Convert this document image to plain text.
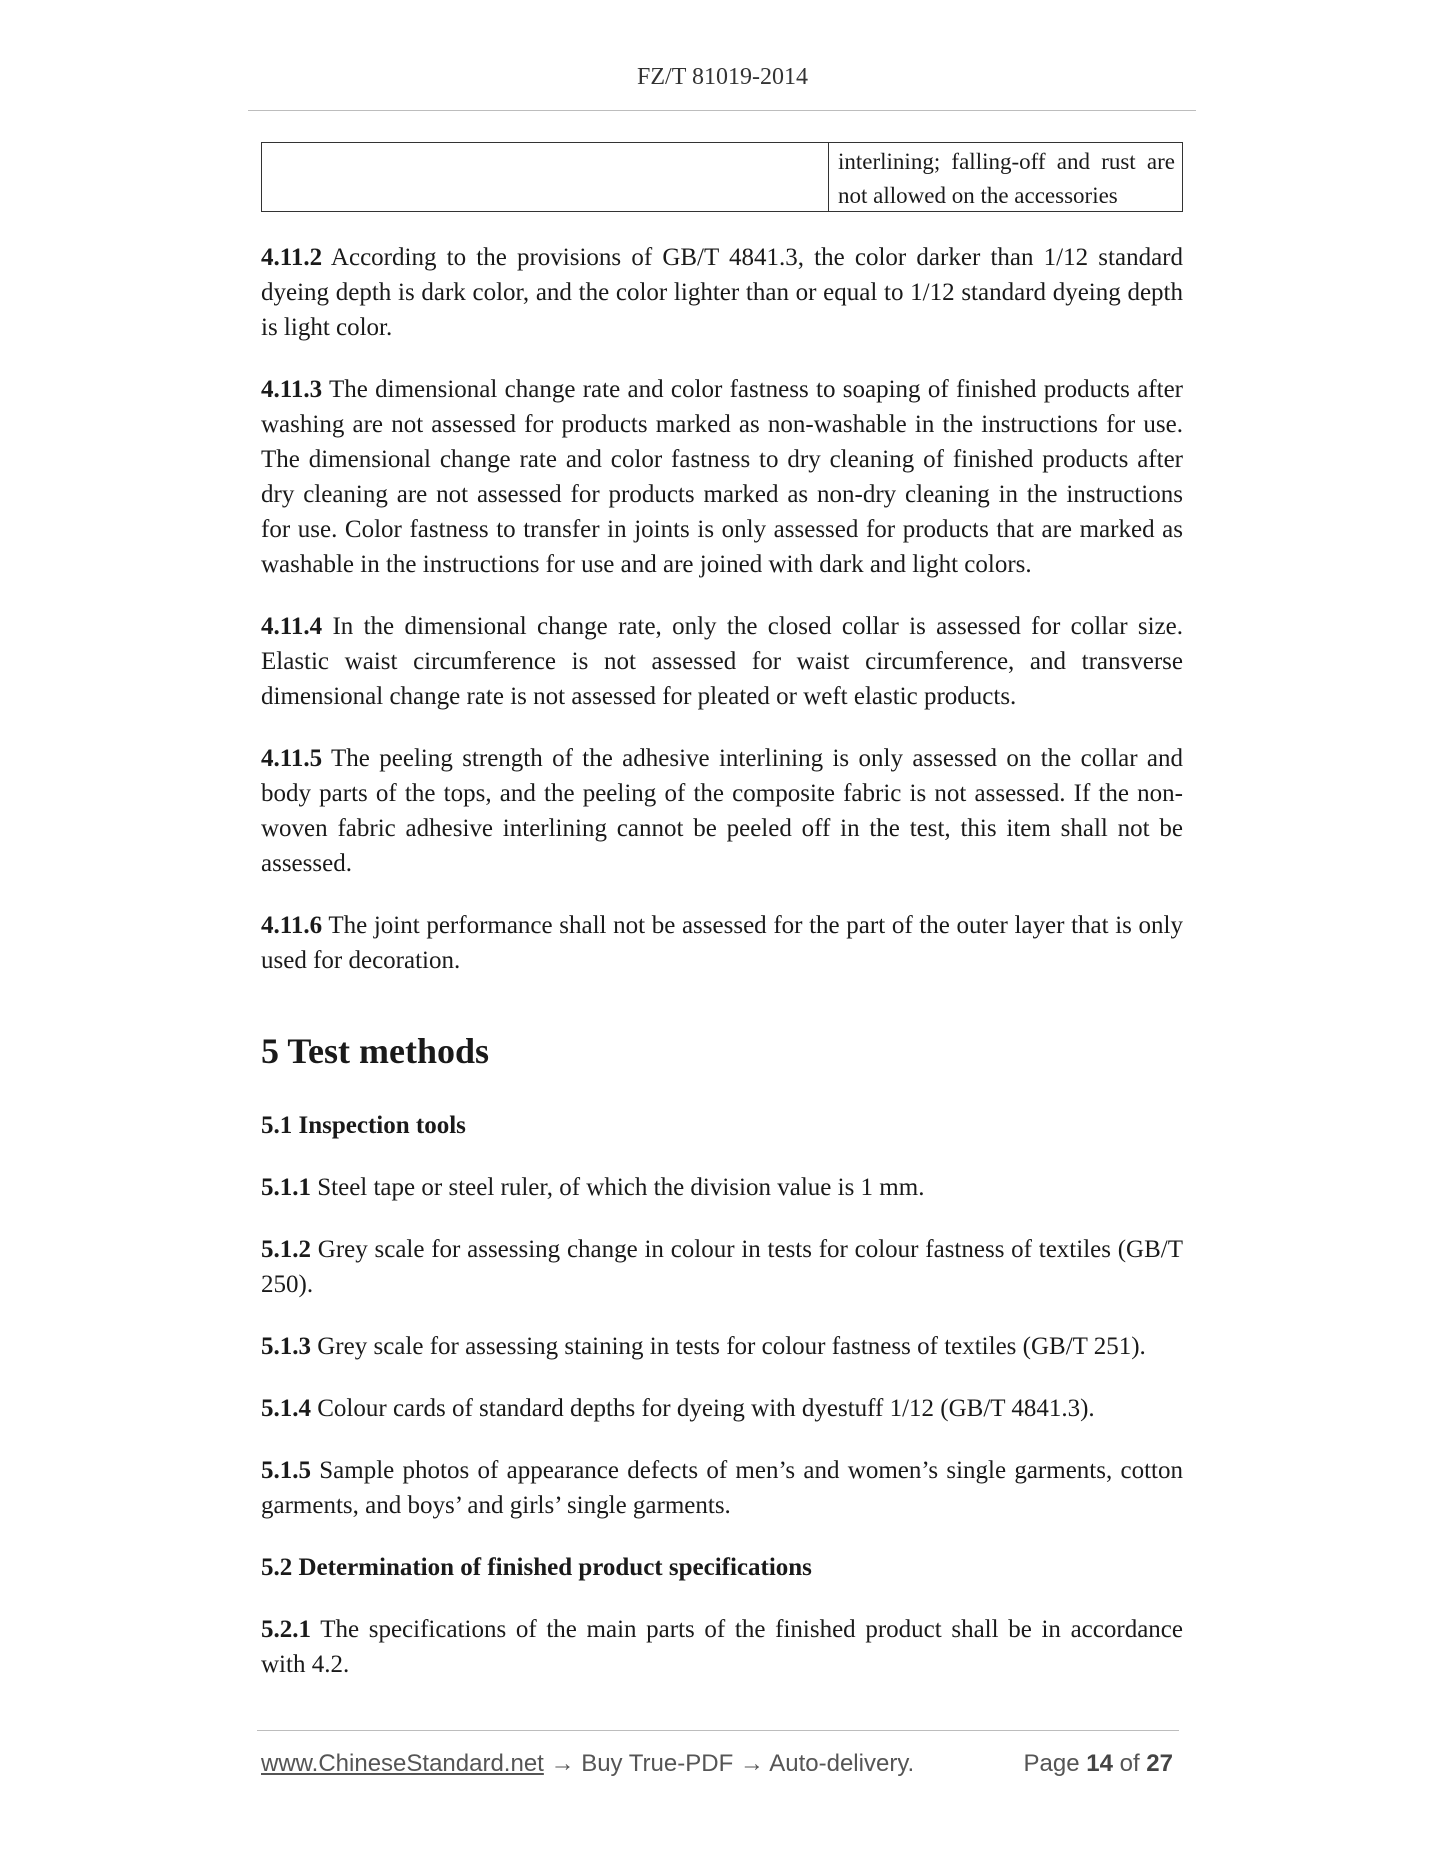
FZ/T 81019-2014
interlining; falling-off and rust are
not allowed on the accessories

4.11.2 According to the provisions of GB/T 4841.3, the color darker than 1/12 standard dyeing depth is dark color, and the color lighter than or equal to 1/12 standard dyeing depth is light color.

4.11.3 The dimensional change rate and color fastness to soaping of finished products after washing are not assessed for products marked as non-washable in the instructions for use. The dimensional change rate and color fastness to dry cleaning of finished products after dry cleaning are not assessed for products marked as non-dry cleaning in the instructions for use. Color fastness to transfer in joints is only assessed for products that are marked as washable in the instructions for use and are joined with dark and light colors.

4.11.4 In the dimensional change rate, only the closed collar is assessed for collar size. Elastic waist circumference is not assessed for waist circumference, and transverse dimensional change rate is not assessed for pleated or weft elastic products.

4.11.5 The peeling strength of the adhesive interlining is only assessed on the collar and body parts of the tops, and the peeling of the composite fabric is not assessed. If the non-woven fabric adhesive interlining cannot be peeled off in the test, this item shall not be assessed.

4.11.6 The joint performance shall not be assessed for the part of the outer layer that is only used for decoration.

5 Test methods
5.1 Inspection tools

5.1.1 Steel tape or steel ruler, of which the division value is 1 mm.

5.1.2 Grey scale for assessing change in colour in tests for colour fastness of textiles (GB/T 250).

5.1.3 Grey scale for assessing staining in tests for colour fastness of textiles (GB/T 251).

5.1.4 Colour cards of standard depths for dyeing with dyestuff 1/12 (GB/T 4841.3).

5.1.5 Sample photos of appearance defects of men’s and women’s single garments, cotton garments, and boys’ and girls’ single garments.

5.2 Determination of finished product specifications

5.2.1 The specifications of the main parts of the finished product shall be in accordance with 4.2.

www.ChineseStandard.net → Buy True-PDF → Auto-delivery.	Page 14 of 27
